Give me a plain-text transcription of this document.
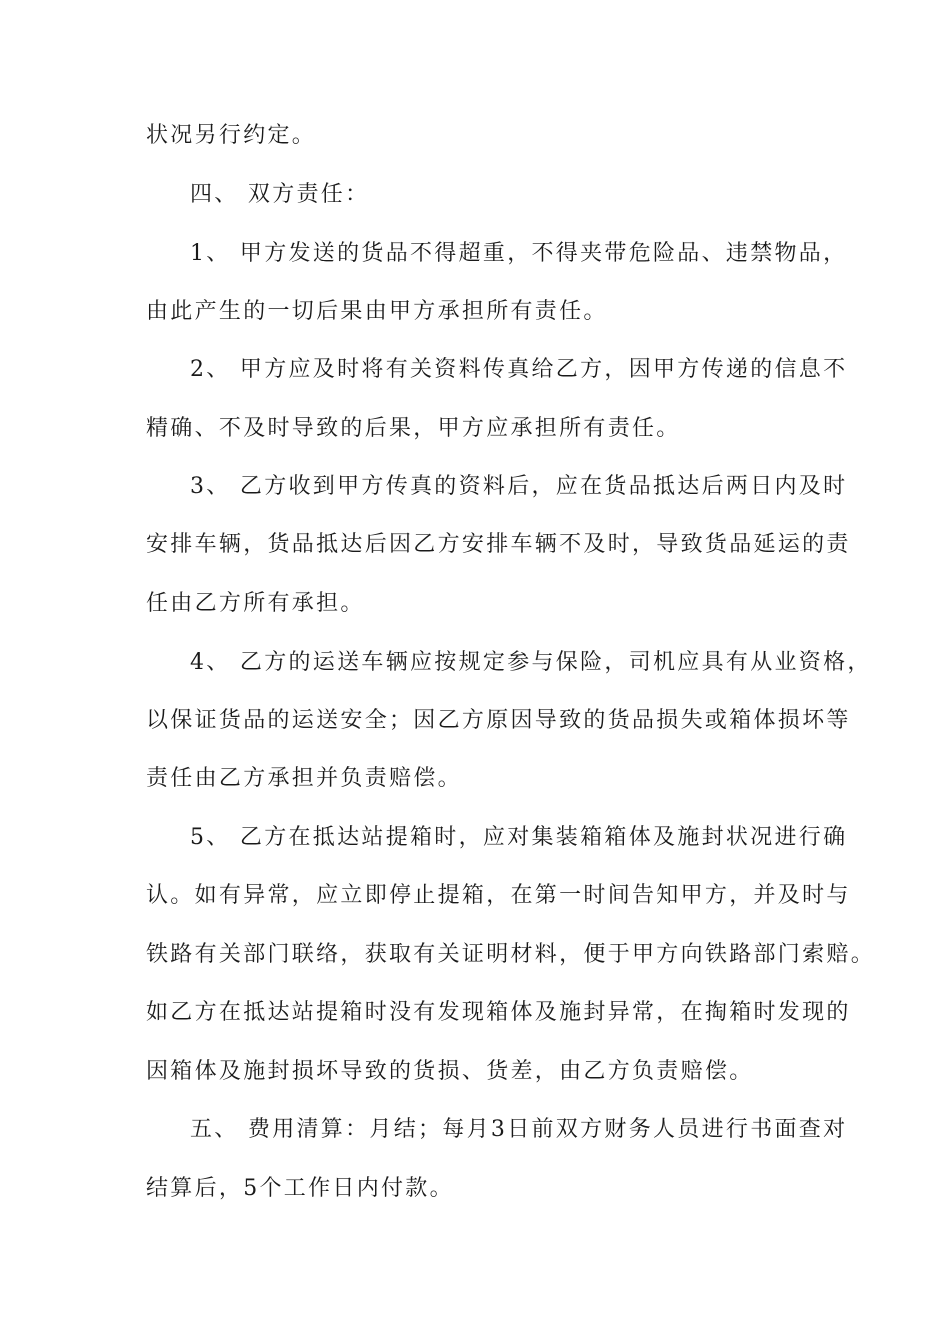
状况另行约定。
四、 双方责任：
1、 甲方发送的货品不得超重，不得夹带危险品、违禁物品，
由此产生的一切后果由甲方承担所有责任。
2、 甲方应及时将有关资料传真给乙方，因甲方传递的信息不
精确、不及时导致的后果，甲方应承担所有责任。
3、 乙方收到甲方传真的资料后，应在货品抵达后两日内及时
安排车辆，货品抵达后因乙方安排车辆不及时，导致货品延运的责
任由乙方所有承担。
4、 乙方的运送车辆应按规定参与保险，司机应具有从业资格，
以保证货品的运送安全；因乙方原因导致的货品损失或箱体损坏等
责任由乙方承担并负责赔偿。
5、 乙方在抵达站提箱时，应对集装箱箱体及施封状况进行确
认。如有异常，应立即停止提箱，在第一时间告知甲方，并及时与
铁路有关部门联络，获取有关证明材料，便于甲方向铁路部门索赔。
如乙方在抵达站提箱时没有发现箱体及施封异常，在掏箱时发现的
因箱体及施封损坏导致的货损、货差，由乙方负责赔偿。
五、 费用清算：月结；每月3日前双方财务人员进行书面查对
结算后，5个工作日内付款。
